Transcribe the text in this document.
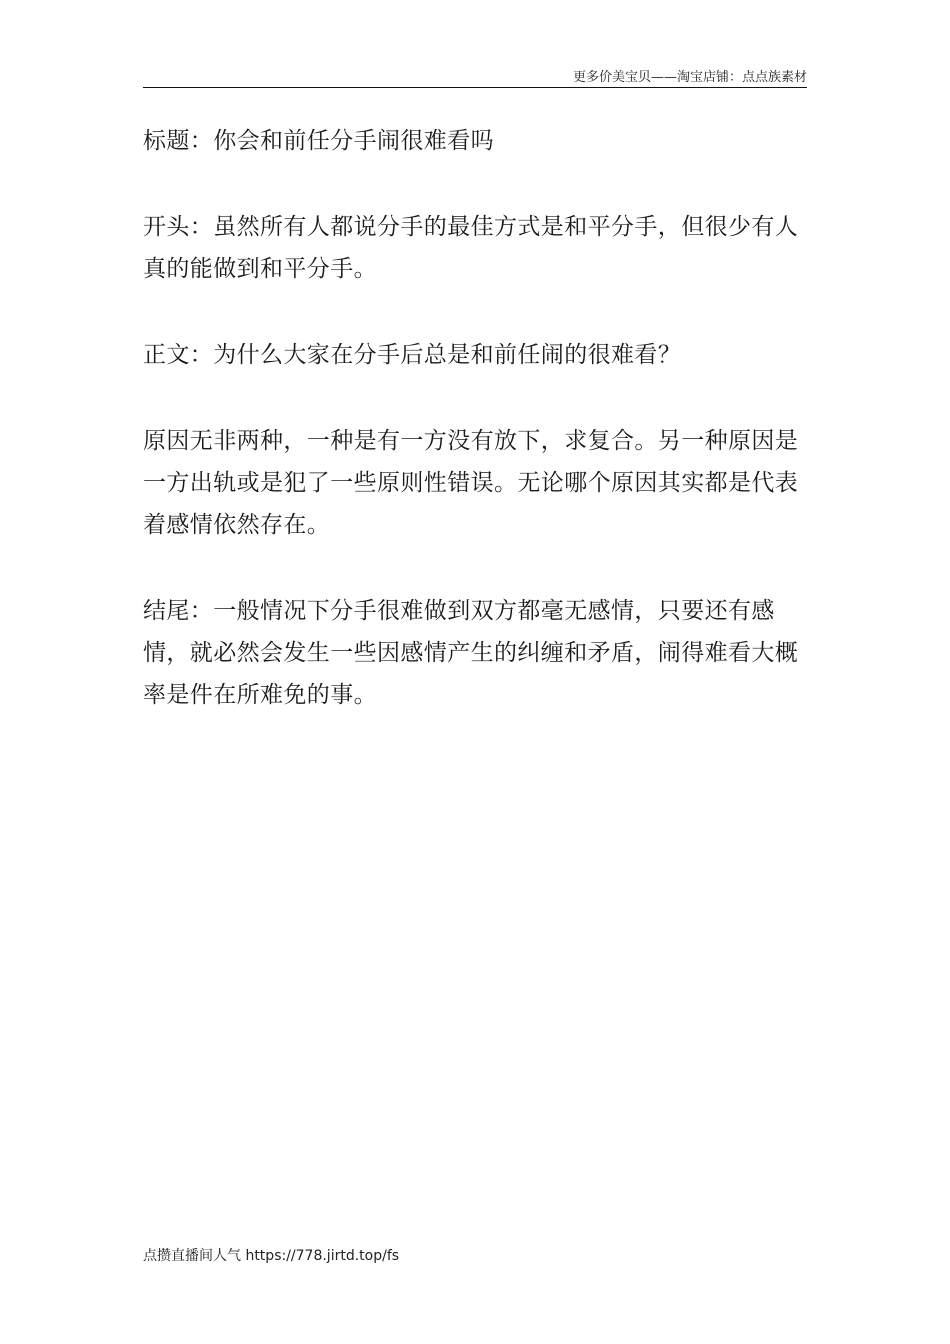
更多价美宝贝——淘宝店铺：点点族素材

标题：你会和前任分手闹很难看吗

开头：虽然所有人都说分手的最佳方式是和平分手，但很少有人真的能做到和平分手。

正文：为什么大家在分手后总是和前任闹的很难看？

原因无非两种，一种是有一方没有放下，求复合。另一种原因是一方出轨或是犯了一些原则性错误。无论哪个原因其实都是代表着感情依然存在。

结尾：一般情况下分手很难做到双方都毫无感情，只要还有感情，就必然会发生一些因感情产生的纠缠和矛盾，闹得难看大概率是件在所难免的事。

点攒直播间人气 https://778.jirtd.top/fs
